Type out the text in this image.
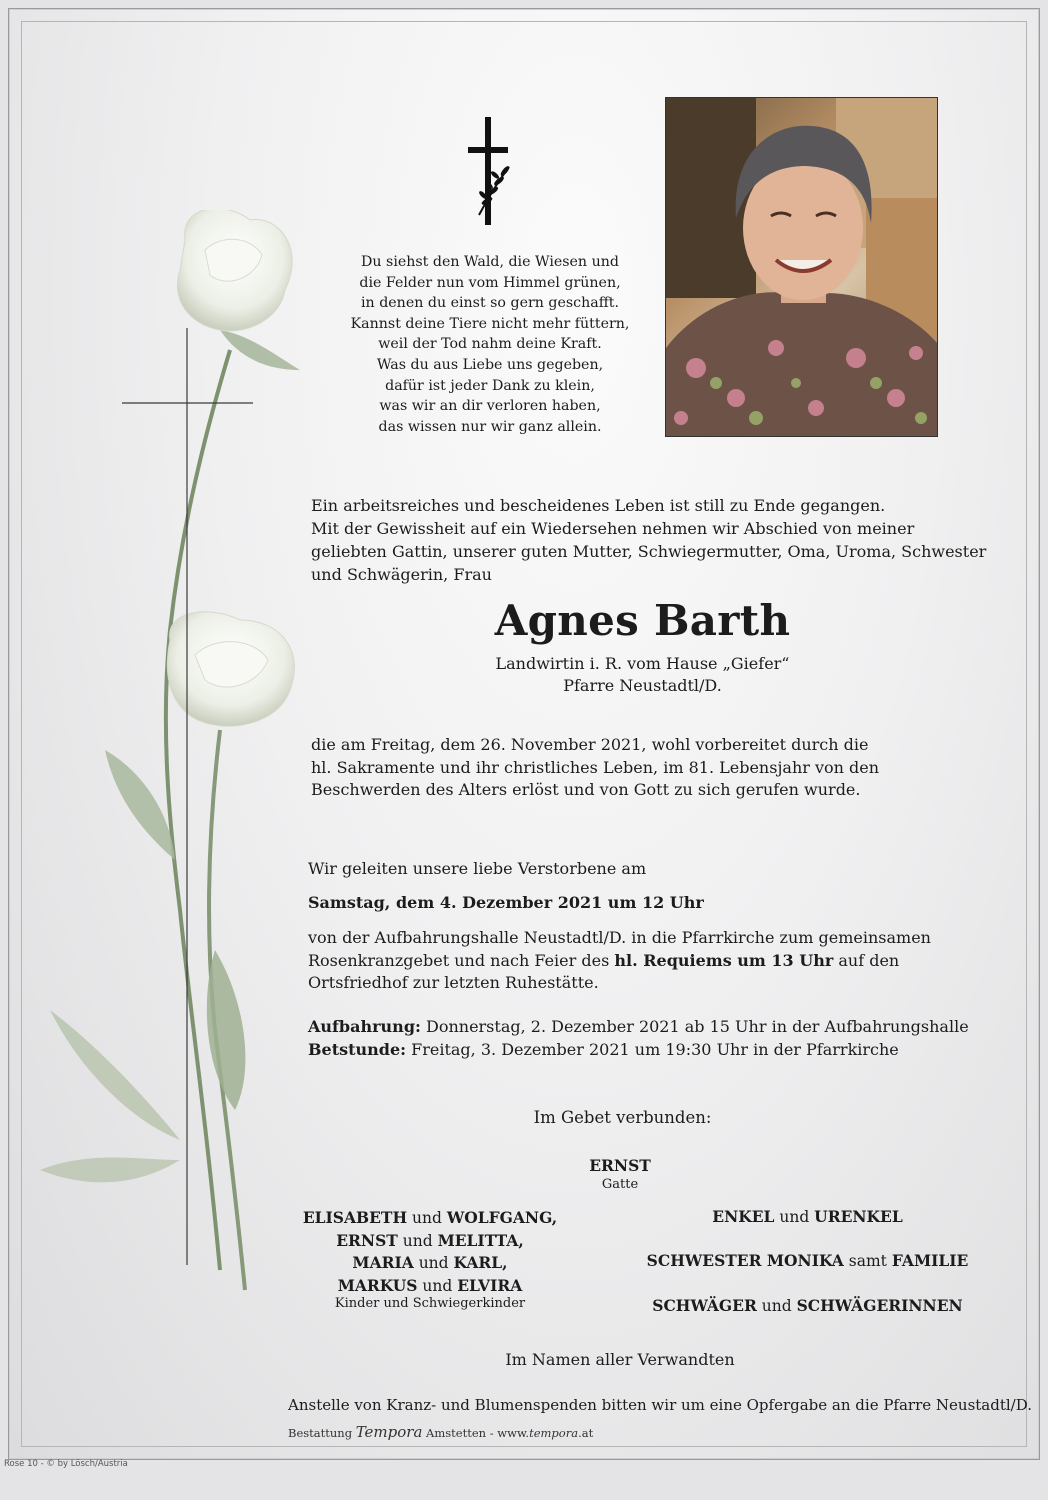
Du siehst den Wald, die Wiesen und
die Felder nun vom Himmel grünen,
in denen du einst so gern geschafft.
Kannst deine Tiere nicht mehr füttern,
weil der Tod nahm deine Kraft.
Was du aus Liebe uns gegeben,
dafür ist jeder Dank zu klein,
was wir an dir verloren haben,
das wissen nur wir ganz allein.
Ein arbeitsreiches und bescheidenes Leben ist still zu Ende gegangen.
Mit der Gewissheit auf ein Wiedersehen nehmen wir Abschied von meiner
geliebten Gattin, unserer guten Mutter, Schwiegermutter, Oma, Uroma, Schwester
und Schwägerin, Frau
Agnes Barth
Landwirtin i. R. vom Hause „Giefer“
Pfarre Neustadtl/D.
die am Freitag, dem 26. November 2021, wohl vorbereitet durch die
hl. Sakramente und ihr christliches Leben, im 81. Lebensjahr von den
Beschwerden des Alters erlöst und von Gott zu sich gerufen wurde.
Wir geleiten unsere liebe Verstorbene am
Samstag, dem 4. Dezember 2021 um 12 Uhr
von der Aufbahrungshalle Neustadtl/D. in die Pfarrkirche zum gemeinsamen
Rosenkranzgebet und nach Feier des hl. Requiems um 13 Uhr auf den
Ortsfriedhof zur letzten Ruhestätte.
Aufbahrung: Donnerstag, 2. Dezember 2021 ab 15 Uhr in der Aufbahrungshalle
Betstunde: Freitag, 3. Dezember 2021 um 19:30 Uhr in der Pfarrkirche
Im Gebet verbunden:
ERNST
Gatte
ELISABETH und WOLFGANG,
ERNST und MELITTA,
MARIA und KARL,
MARKUS und ELVIRA
Kinder und Schwiegerkinder
ENKEL und URENKEL
SCHWESTER MONIKA samt FAMILIE
SCHWÄGER und SCHWÄGERINNEN
Im Namen aller Verwandten
Anstelle von Kranz- und Blumenspenden bitten wir um eine Opfergabe an die Pfarre Neustadtl/D.
Bestattung Tempora Amstetten - www.tempora.at
Rose 10 - © by Lösch/Austria
